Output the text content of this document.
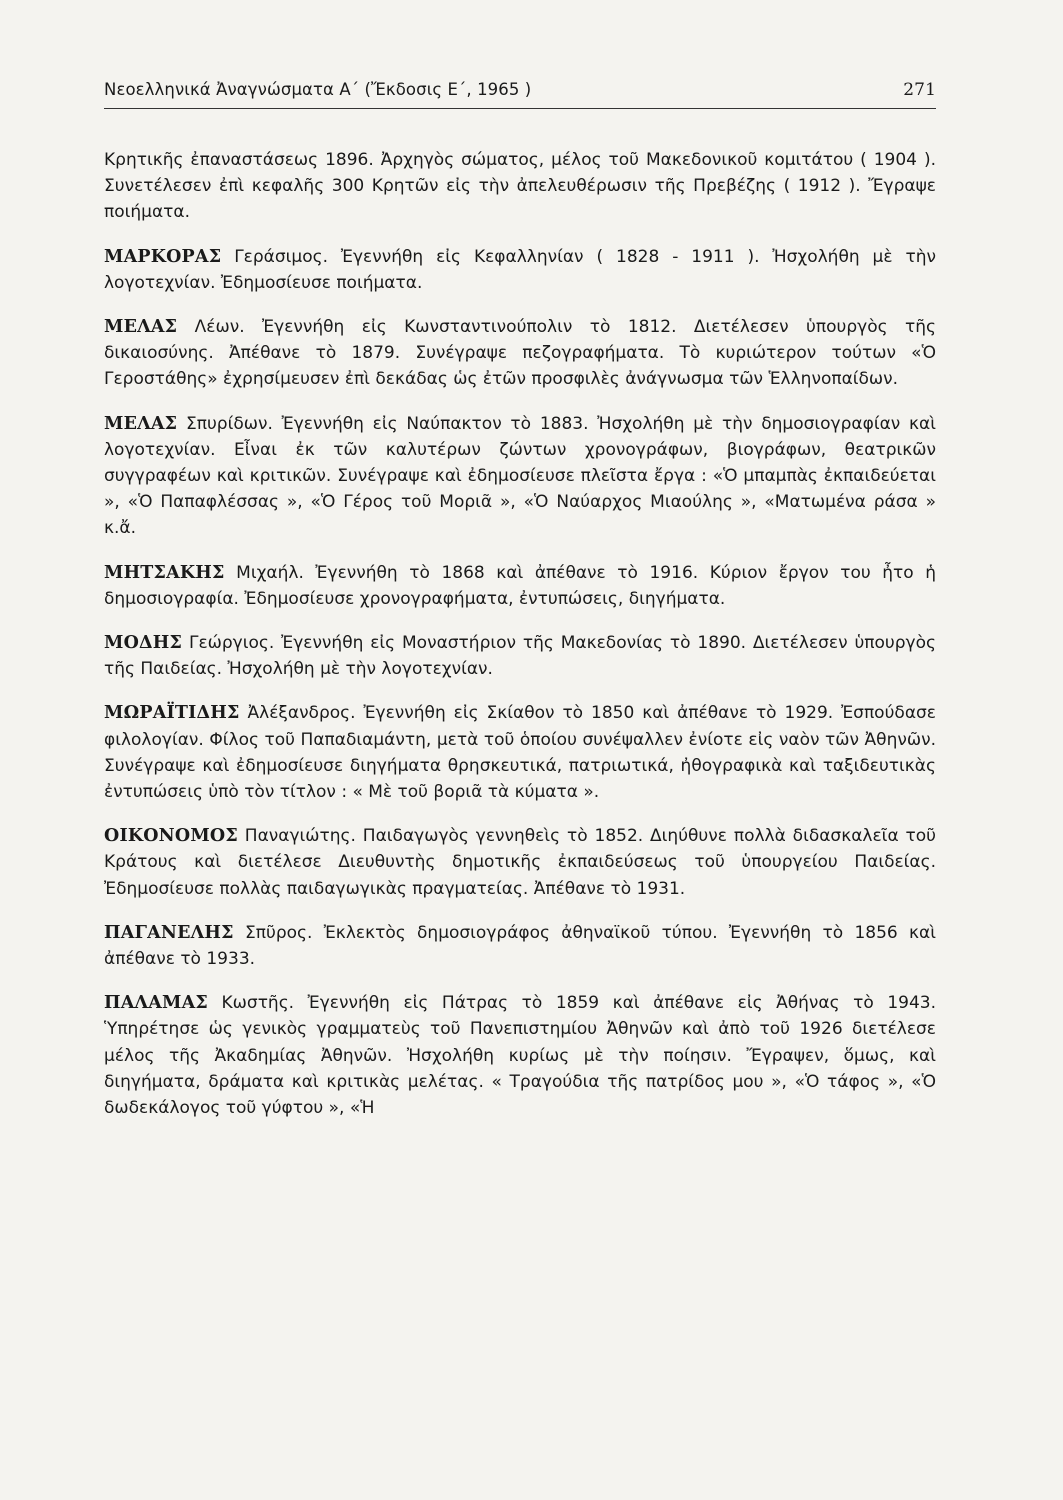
Νεοελληνικά Ἀναγνώσματα Α΄ (Ἔκδοσις Ε΄, 1965 )	271

Κρητικῆς ἐπαναστάσεως 1896. Ἀρχηγὸς σώματος, μέλος τοῦ Μακεδονικοῦ κομιτάτου ( 1904 ). Συνετέλεσεν ἐπὶ κεφαλῆς 300 Κρητῶν εἰς τὴν ἀπελευθέρωσιν τῆς Πρεβέζης ( 1912 ). Ἔγραψε ποιήματα.

ΜΑΡΚΟΡΑΣ Γεράσιμος. Ἐγεννήθη εἰς Κεφαλληνίαν ( 1828 - 1911 ). Ἠσχολήθη μὲ τὴν λογοτεχνίαν. Ἐδημοσίευσε ποιήματα.

ΜΕΛΑΣ Λέων. Ἐγεννήθη εἰς Κωνσταντινούπολιν τὸ 1812. Διετέλεσεν ὑπουργὸς τῆς δικαιοσύνης. Ἀπέθανε τὸ 1879. Συνέγραψε πεζογραφήματα. Τὸ κυριώτερον τούτων «Ὁ Γεροστάθης» ἐχρησίμευσεν ἐπὶ δεκάδας ὡς ἐτῶν προσφιλὲς ἀνάγνωσμα τῶν Ἑλληνοπαίδων.

ΜΕΛΑΣ Σπυρίδων. Ἐγεννήθη εἰς Ναύπακτον τὸ 1883. Ἠσχολήθη μὲ τὴν δημοσιογραφίαν καὶ λογοτεχνίαν. Εἶναι ἐκ τῶν καλυτέρων ζώντων χρονογράφων, βιογράφων, θεατρικῶν συγγραφέων καὶ κριτικῶν. Συνέγραψε καὶ ἐδημοσίευσε πλεῖστα ἔργα : «Ὁ μπαμπὰς ἐκπαιδεύεται », «Ὁ Παπαφλέσσας », «Ὁ Γέρος τοῦ Μοριᾶ », «Ὁ Ναύαρχος Μιαούλης », «Ματωμένα ράσα » κ.ἄ.

ΜΗΤΣΑΚΗΣ Μιχαήλ. Ἐγεννήθη τὸ 1868 καὶ ἀπέθανε τὸ 1916. Κύριον ἔργον του ἦτο ἡ δημοσιογραφία. Ἐδημοσίευσε χρονογραφήματα, ἐντυπώσεις, διηγήματα.

ΜΟΔΗΣ Γεώργιος. Ἐγεννήθη εἰς Μοναστήριον τῆς Μακεδονίας τὸ 1890. Διετέλεσεν ὑπουργὸς τῆς Παιδείας. Ἠσχολήθη μὲ τὴν λογοτεχνίαν.

ΜΩΡΑΪΤΙΔΗΣ Ἀλέξανδρος. Ἐγεννήθη εἰς Σκίαθον τὸ 1850 καὶ ἀπέθανε τὸ 1929. Ἐσπούδασε φιλολογίαν. Φίλος τοῦ Παπαδιαμάντη, μετὰ τοῦ ὁποίου συνέψαλλεν ἐνίοτε εἰς ναὸν τῶν Ἀθηνῶν. Συνέγραψε καὶ ἐδημοσίευσε διηγήματα θρησκευτικά, πατριωτικά, ἠθογραφικὰ καὶ ταξιδευτικὰς ἐντυπώσεις ὑπὸ τὸν τίτλον : « Μὲ τοῦ βοριᾶ τὰ κύματα ».

ΟΙΚΟΝΟΜΟΣ Παναγιώτης. Παιδαγωγὸς γεννηθεὶς τὸ 1852. Διηύθυνε πολλὰ διδασκαλεῖα τοῦ Κράτους καὶ διετέλεσε Διευθυντὴς δημοτικῆς ἐκπαιδεύσεως τοῦ ὑπουργείου Παιδείας. Ἐδημοσίευσε πολλὰς παιδαγωγικὰς πραγματείας. Ἀπέθανε τὸ 1931.

ΠΑΓΑΝΕΛΗΣ Σπῦρος. Ἐκλεκτὸς δημοσιογράφος ἀθηναϊκοῦ τύπου. Ἐγεννήθη τὸ 1856 καὶ ἀπέθανε τὸ 1933.

ΠΑΛΑΜΑΣ Κωστῆς. Ἐγεννήθη εἰς Πάτρας τὸ 1859 καὶ ἀπέθανε εἰς Ἀθήνας τὸ 1943. Ὑπηρέτησε ὡς γενικὸς γραμματεὺς τοῦ Πανεπιστημίου Ἀθηνῶν καὶ ἀπὸ τοῦ 1926 διετέλεσε μέλος τῆς Ἀκαδημίας Ἀθηνῶν. Ἠσχολήθη κυρίως μὲ τὴν ποίησιν. Ἔγραψεν, ὅμως, καὶ διηγήματα, δράματα καὶ κριτικὰς μελέτας. « Τραγούδια τῆς πατρίδος μου », «Ὁ τάφος », «Ὁ δωδεκάλογος τοῦ γύφτου », «Ἡ
